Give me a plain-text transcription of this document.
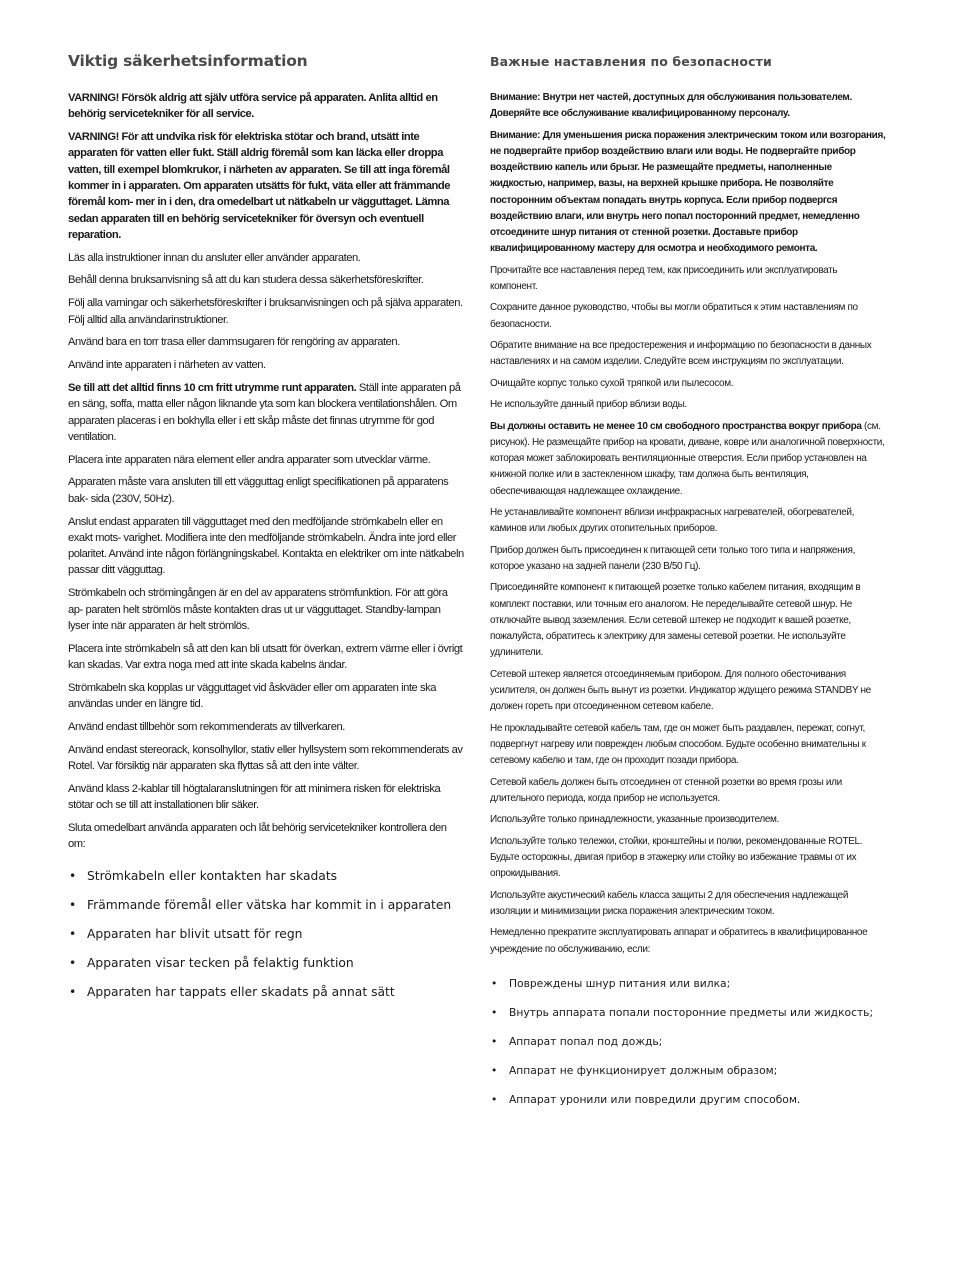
Viktig säkerhetsinformation

VARNING! Försök aldrig att själv utföra service på apparaten. Anlita alltid en behörig servicetekniker för all service.

VARNING! För att undvika risk för elektriska stötar och brand, utsätt inte apparaten för vatten eller fukt. Ställ aldrig föremål som kan läcka eller droppa vatten, till exempel blomkrukor, i närheten av apparaten. Se till att inga föremål kommer in i apparaten. Om apparaten utsätts för fukt, väta eller att främmande föremål kom- mer in i den, dra omedelbart ut nätkabeln ur vägguttaget. Lämna sedan apparaten till en behörig servicetekniker för översyn och eventuell reparation.

Läs alla instruktioner innan du ansluter eller använder apparaten.

Behåll denna bruksanvisning så att du kan studera dessa säkerhetsföreskrifter.

Följ alla varningar och säkerhetsföreskrifter i bruksanvisningen och på själva apparaten. Följ alltid alla användarinstruktioner.

Använd bara en torr trasa eller dammsugaren för rengöring av apparaten.

Använd inte apparaten i närheten av vatten.

Se till att det alltid finns 10 cm fritt utrymme runt apparaten. Ställ inte apparaten på en säng, soffa, matta eller någon liknande yta som kan blockera ventilationshålen. Om apparaten placeras i en bokhylla eller i ett skåp måste det finnas utrymme för god ventilation.

Placera inte apparaten nära element eller andra apparater som utvecklar värme.

Apparaten måste vara ansluten till ett vägguttag enligt specifikationen på apparatens bak- sida (230V, 50Hz).

Anslut endast apparaten till vägguttaget med den medföljande strömkabeln eller en exakt mots- varighet. Modifiera inte den medföljande strömkabeln. Ändra inte jord eller polaritet. Använd inte någon förlängningskabel. Kontakta en elektriker om inte nätkabeln passar ditt vägguttag.

Strömkabeln och strömingången är en del av apparatens strömfunktion. För att göra ap- paraten helt strömlös måste kontakten dras ut ur vägguttaget. Standby-lampan lyser inte när apparaten är helt strömlös.

Placera inte strömkabeln så att den kan bli utsatt för överkan, extrem värme eller i övrigt kan skadas. Var extra noga med att inte skada kabelns ändar.

Strömkabeln ska kopplas ur vägguttaget vid åskväder eller om apparaten inte ska användas under en längre tid.

Använd endast tillbehör som rekommenderats av tillverkaren.

Använd endast stereorack, konsolhyllor, stativ eller hyllsystem som rekommenderats av Rotel. Var försiktig när apparaten ska flyttas så att den inte välter.

Använd klass 2-kablar till högtalaranslutningen för att minimera risken för elektriska stötar och se till att installationen blir säker.

Sluta omedelbart använda apparaten och låt behörig servicetekniker kontrollera den om:

• Strömkabeln eller kontakten har skadats
• Främmande föremål eller vätska har kommit in i apparaten
• Apparaten har blivit utsatt för regn
• Apparaten visar tecken på felaktig funktion
• Apparaten har tappats eller skadats på annat sätt
Важные наставления по безопасности

Внимание: Внутри нет частей, доступных для обслуживания пользователем. Доверяйте все обслуживание квалифицированному персоналу.

Внимание: Для уменьшения риска поражения электрическим током или возгорания, не подвергайте прибор воздействию влаги или воды. Не подвергайте прибор воздействию капель или брызг. Не размещайте предметы, наполненные жидкостью, например, вазы, на верхней крышке прибора. Не позволяйте посторонним объектам попадать внутрь корпуса. Если прибор подвергся воздействию влаги, или внутрь него попал посторонний предмет, немедленно отсоедините шнур питания от стенной розетки. Доставьте прибор квалифицированному мастеру для осмотра и необходимого ремонта.

Прочитайте все наставления перед тем, как присоединить или эксплуатировать компонент.

Сохраните данное руководство, чтобы вы могли обратиться к этим наставлениям по безопасности.

Обратите внимание на все предостережения и информацию по безопасности в данных наставлениях и на самом изделии. Следуйте всем инструкциям по эксплуатации.

Очищайте корпус только сухой тряпкой или пылесосом.

Не используйте данный прибор вблизи воды.

Вы должны оставить не менее 10 см свободного пространства вокруг прибора (см. рисунок). Не размещайте прибор на кровати, диване, ковре или аналогичной поверхности, которая может заблокировать вентиляционные отверстия. Если прибор установлен на книжной полке или в застекленном шкафу, там должна быть вентиляция, обеспечивающая надлежащее охлаждение.

Не устанавливайте компонент вблизи инфракрасных нагревателей, обогревателей, каминов или любых других отопительных приборов.

Прибор должен быть присоединен к питающей сети только того типа и напряжения, которое указано на задней панели (230 В/50 Гц).

Присоединяйте компонент к питающей розетке только кабелем питания, входящим в комплект поставки, или точным его аналогом. Не переделывайте сетевой шнур. Не отключайте вывод заземления. Если сетевой штекер не подходит к вашей розетке, пожалуйста, обратитесь к электрику для замены сетевой розетки. Не используйте удлинители.

Сетевой штекер является отсоединяемым прибором. Для полного обесточивания усилителя, он должен быть вынут из розетки. Индикатор ждущего режима STANDBY не должен гореть при отсоединенном сетевом кабеле.

Не прокладывайте сетевой кабель там, где он может быть раздавлен, пережат, согнут, подвергнут нагреву или поврежден любым способом. Будьте особенно внимательны к сетевому кабелю и там, где он проходит позади прибора.

Сетевой кабель должен быть отсоединен от стенной розетки во время грозы или длительного периода, когда прибор не используется.

Используйте только принадлежности, указанные производителем.

Используйте только тележки, стойки, кронштейны и полки, рекомендованные ROTEL. Будьте осторожны, двигая прибор в этажерку или стойку во избежание травмы от их опрокидывания.

Используйте акустический кабель класса защиты 2 для обеспечения надлежащей изоляции и минимизации риска поражения электрическим током.

Немедленно прекратите эксплуатировать аппарат и обратитесь в квалифицированное учреждение по обслуживанию, если:

• Повреждены шнур питания или вилка;
• Внутрь аппарата попали посторонние предметы или жидкость;
• Аппарат попал под дождь;
• Аппарат не функционирует должным образом;
• Аппарат уронили или повредили другим способом.
